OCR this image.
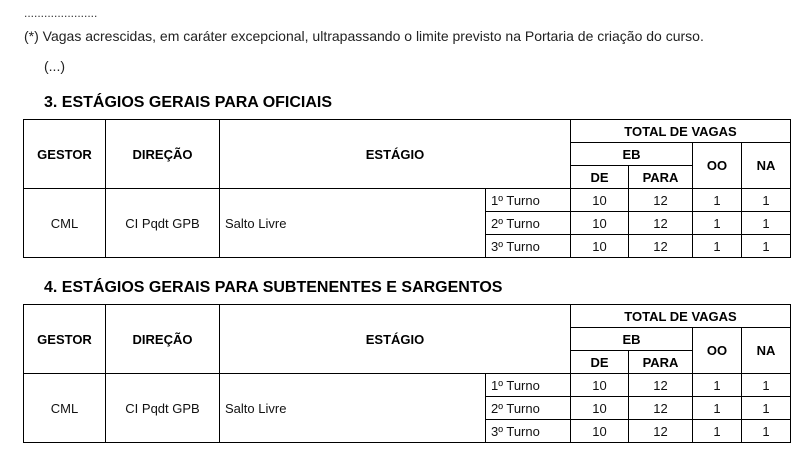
......................
(*) Vagas acrescidas, em caráter excepcional, ultrapassando o limite previsto na Portaria de criação do curso.
(...)
3. ESTÁGIOS GERAIS PARA OFICIAIS
GESTOR	DIREÇÃO	ESTÁGIO		TOTAL DE VAGAS			
				EB		OO	NA
				DE	PARA		
CML	CI Pqdt GPB	Salto Livre	1º Turno	10	12	1	1
			2º Turno	10	12	1	1
			3º Turno	10	12	1	1
4. ESTÁGIOS GERAIS PARA SUBTENENTES E SARGENTOS
GESTOR	DIREÇÃO	ESTÁGIO		TOTAL DE VAGAS			
				EB		OO	NA
				DE	PARA		
CML	CI Pqdt GPB	Salto Livre	1º Turno	10	12	1	1
			2º Turno	10	12	1	1
			3º Turno	10	12	1	1
